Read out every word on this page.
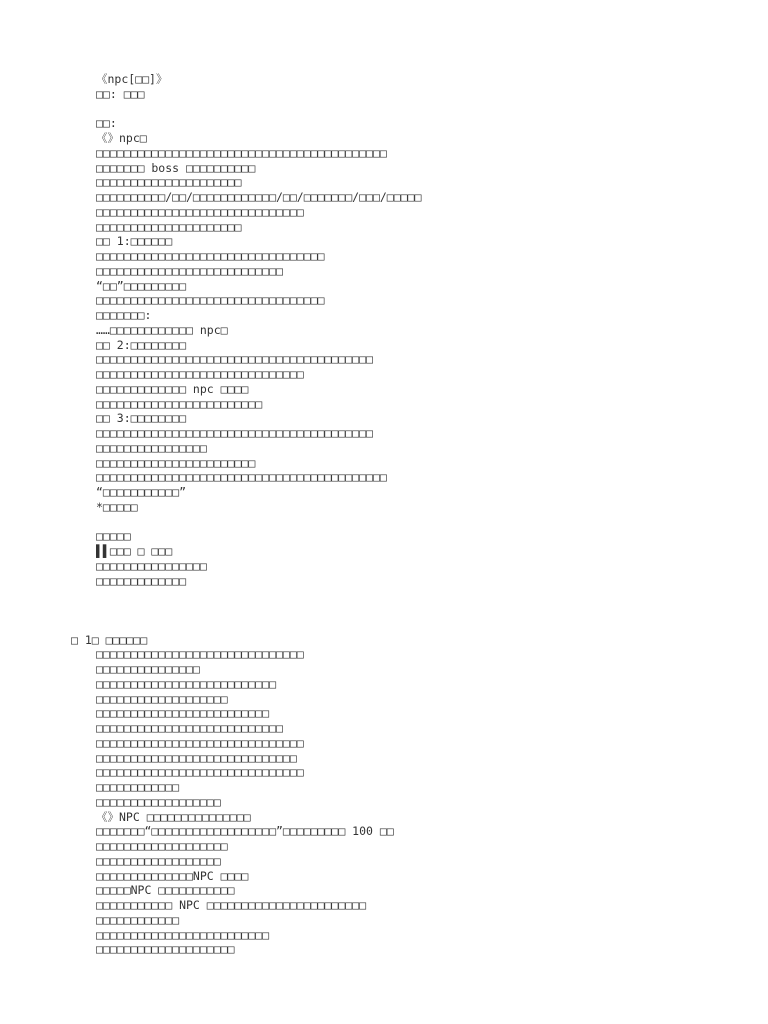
《npc[□□]》
□□: □□□
□□:
《》npc□
□□□□□□□□□□□□□□□□□□□□□□□□□□□□□□□□□□□□□□□□□□
□□□□□□□ boss □□□□□□□□□□
□□□□□□□□□□□□□□□□□□□□□
□□□□□□□□□□/□□/□□□□□□□□□□□□/□□/□□□□□□□/□□□/□□□□□
□□□□□□□□□□□□□□□□□□□□□□□□□□□□□□
□□□□□□□□□□□□□□□□□□□□□
□□ 1:□□□□□□
□□□□□□□□□□□□□□□□□□□□□□□□□□□□□□□□□
□□□□□□□□□□□□□□□□□□□□□□□□□□□
“□□”□□□□□□□□□
□□□□□□□□□□□□□□□□□□□□□□□□□□□□□□□□□
□□□□□□□:
……□□□□□□□□□□□□ npc□
□□ 2:□□□□□□□□
□□□□□□□□□□□□□□□□□□□□□□□□□□□□□□□□□□□□□□□□
□□□□□□□□□□□□□□□□□□□□□□□□□□□□□□
□□□□□□□□□□□□□ npc □□□□
□□□□□□□□□□□□□□□□□□□□□□□□
□□ 3:□□□□□□□□
□□□□□□□□□□□□□□□□□□□□□□□□□□□□□□□□□□□□□□□□
□□□□□□□□□□□□□□□□
□□□□□□□□□□□□□□□□□□□□□□□
□□□□□□□□□□□□□□□□□□□□□□□□□□□□□□□□□□□□□□□□□□
“□□□□□□□□□□□”
*□□□□□
□□□□□
▌▌□□□ □ □□□
□□□□□□□□□□□□□□□□
□□□□□□□□□□□□□
□ 1□ □□□□□□
□□□□□□□□□□□□□□□□□□□□□□□□□□□□□□
□□□□□□□□□□□□□□□
□□□□□□□□□□□□□□□□□□□□□□□□□□
□□□□□□□□□□□□□□□□□□□
□□□□□□□□□□□□□□□□□□□□□□□□□
□□□□□□□□□□□□□□□□□□□□□□□□□□□
□□□□□□□□□□□□□□□□□□□□□□□□□□□□□□
□□□□□□□□□□□□□□□□□□□□□□□□□□□□□
□□□□□□□□□□□□□□□□□□□□□□□□□□□□□□
□□□□□□□□□□□□
□□□□□□□□□□□□□□□□□□
《》NPC □□□□□□□□□□□□□□□
□□□□□□□“□□□□□□□□□□□□□□□□□□”□□□□□□□□□ 100 □□
□□□□□□□□□□□□□□□□□□□
□□□□□□□□□□□□□□□□□□
□□□□□□□□□□□□□□NPC □□□□
□□□□□NPC □□□□□□□□□□□
□□□□□□□□□□□ NPC □□□□□□□□□□□□□□□□□□□□□□□
□□□□□□□□□□□□
□□□□□□□□□□□□□□□□□□□□□□□□□
□□□□□□□□□□□□□□□□□□□□
